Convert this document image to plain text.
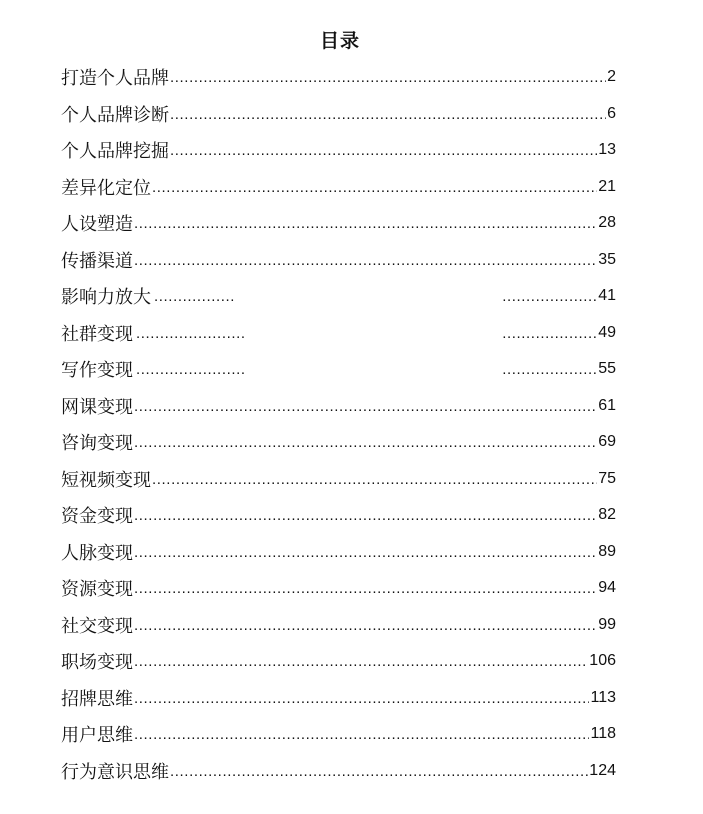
目录
打造个人品牌 .....	2
个人品牌诊断 .....	6
个人品牌挖掘 .....	13
差异化定位 .....	21
人设塑造 .....	28
传播渠道 .....	35
影响力放大 ..... .....	41
社群变现 ..... .....	49
写作变现 ..... .....	55
网课变现 .....	61
咨询变现 .....	69
短视频变现 .....	75
资金变现 .....	82
人脉变现 .....	89
资源变现 .....	94
社交变现 .....	99
职场变现 .....	106
招牌思维 .....	113
用户思维 .....	118
行为意识思维 .....	124
